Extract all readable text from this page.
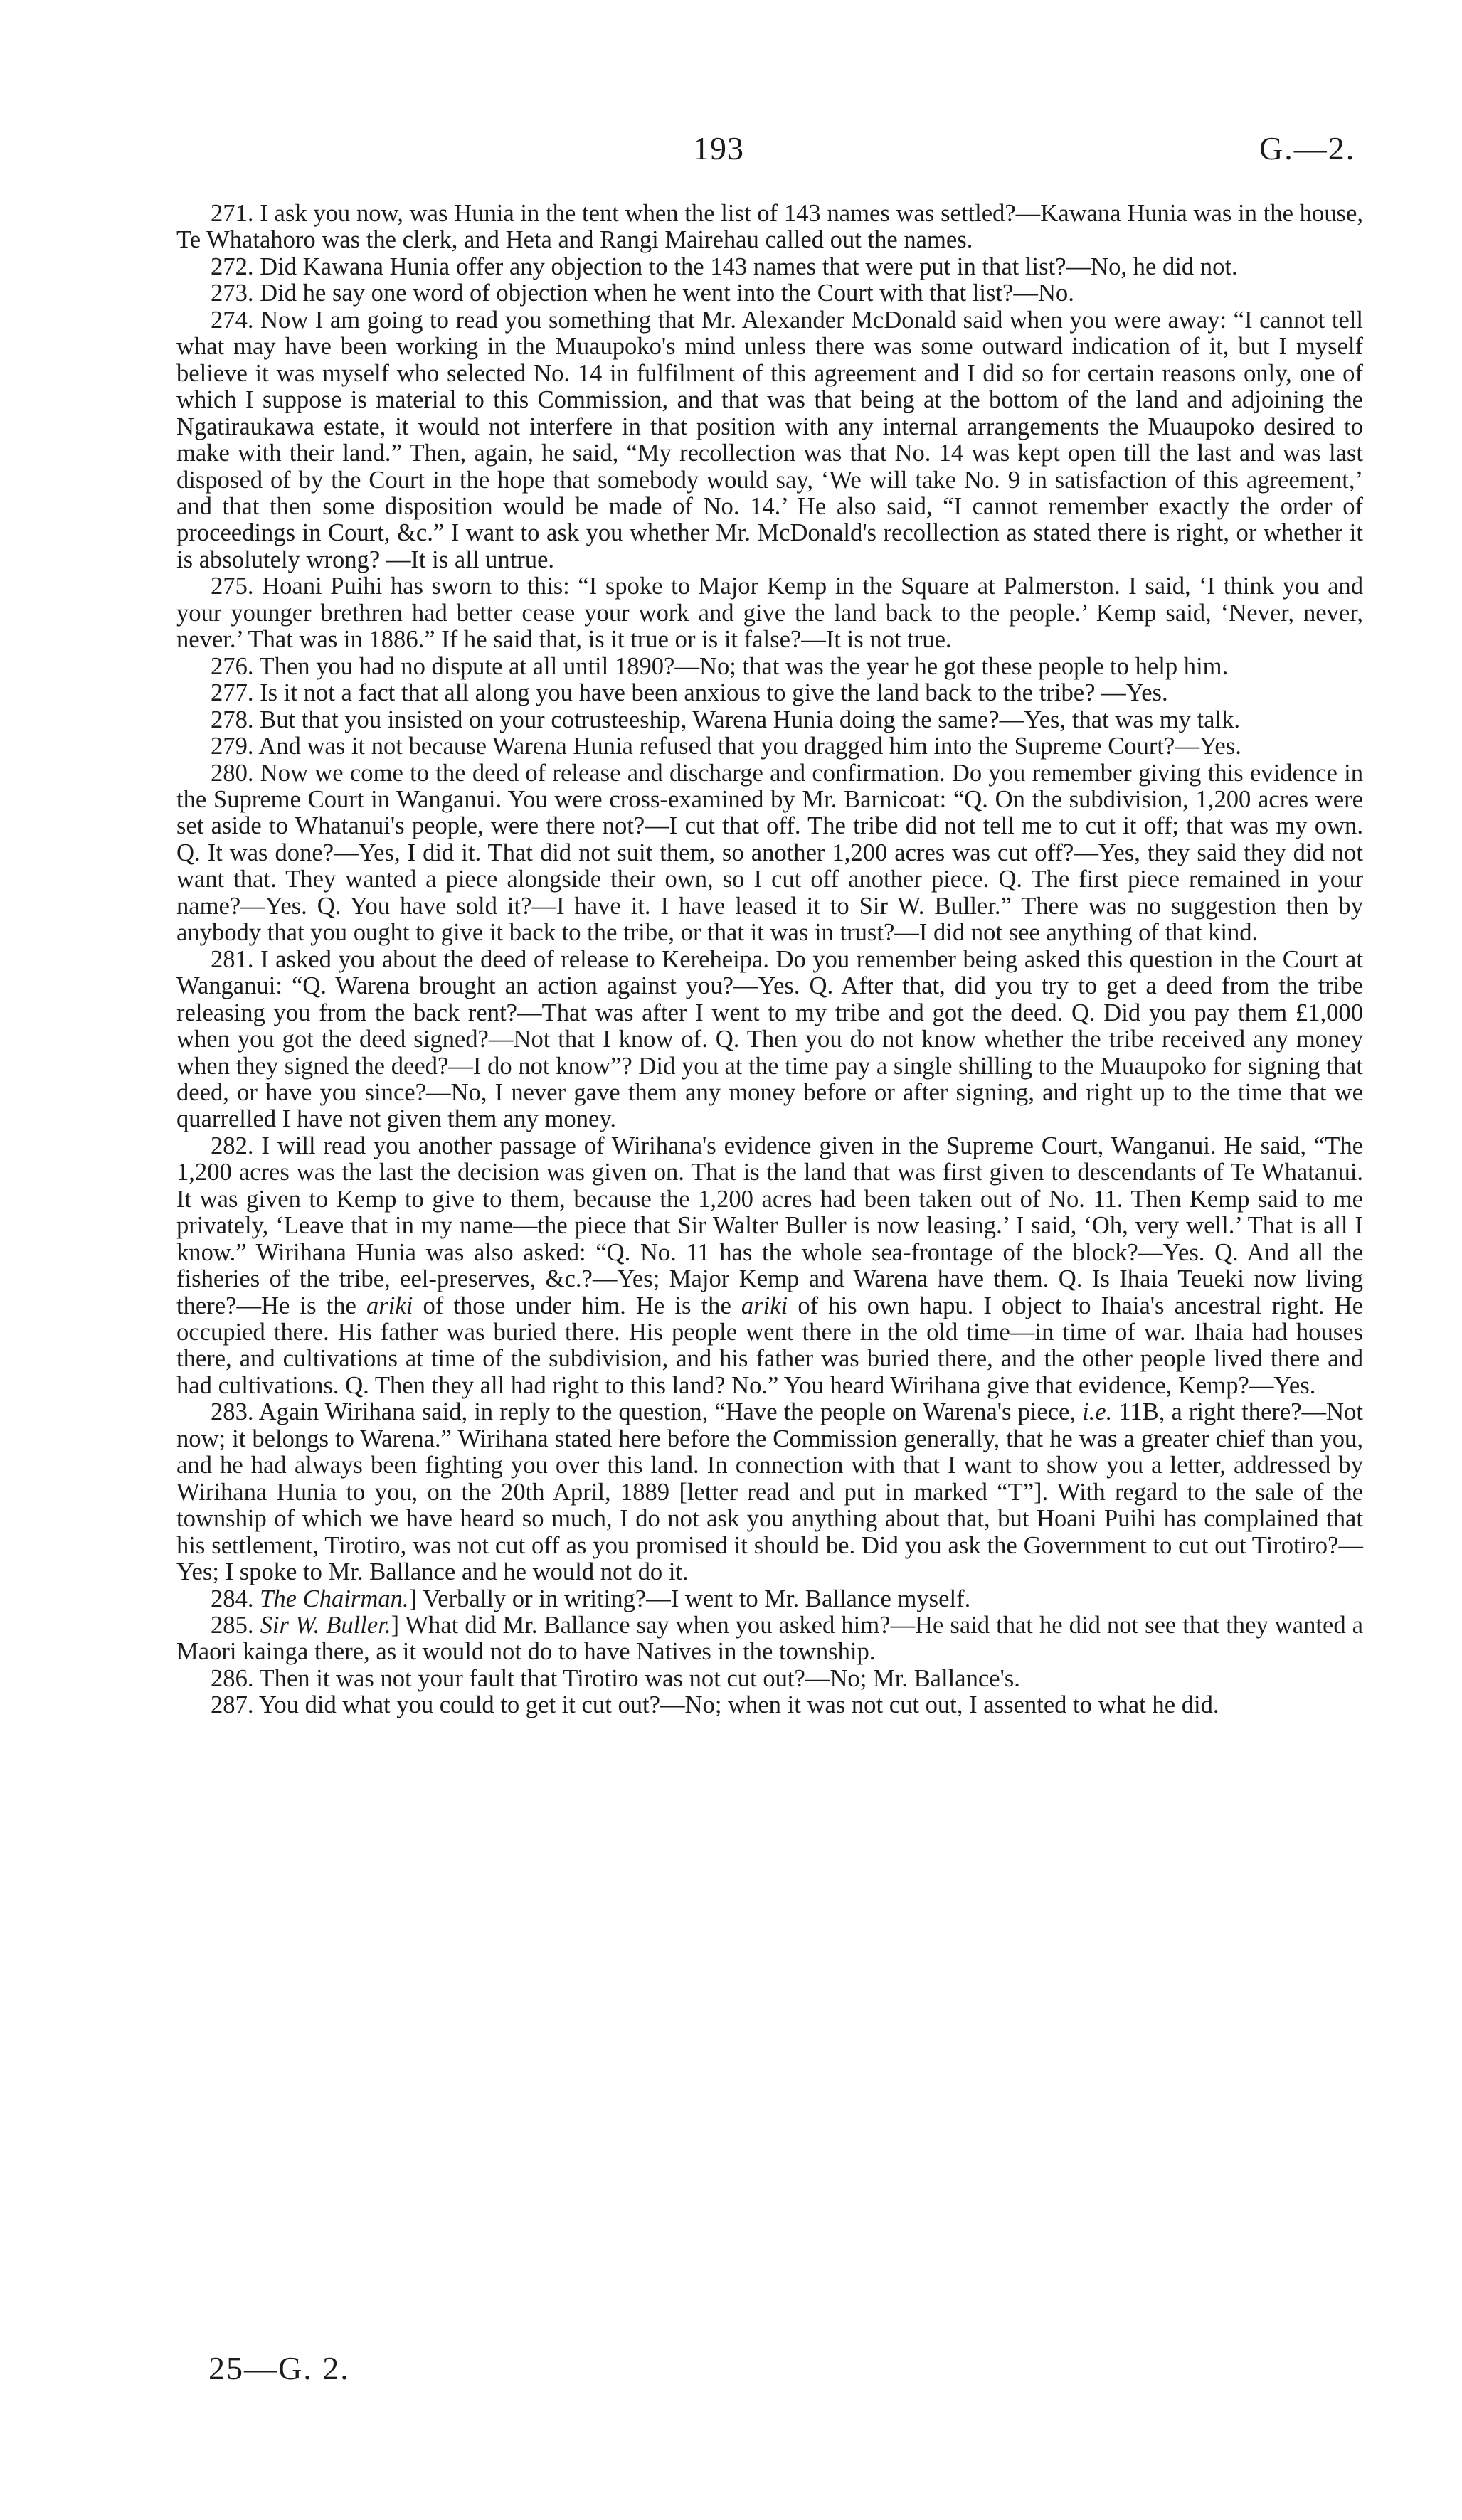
193	G.—2.

271. I ask you now, was Hunia in the tent when the list of 143 names was settled?—Kawana Hunia was in the house, Te Whatahoro was the clerk, and Heta and Rangi Mairehau called out the names.

272. Did Kawana Hunia offer any objection to the 143 names that were put in that list?—No, he did not.

273. Did he say one word of objection when he went into the Court with that list?—No.

274. Now I am going to read you something that Mr. Alexander McDonald said when you were away: “I cannot tell what may have been working in the Muaupoko's mind unless there was some outward indication of it, but I myself believe it was myself who selected No. 14 in fulfilment of this agreement and I did so for certain reasons only, one of which I suppose is material to this Commission, and that was that being at the bottom of the land and adjoining the Ngatiraukawa estate, it would not interfere in that position with any internal arrangements the Muaupoko desired to make with their land.” Then, again, he said, “My recollection was that No. 14 was kept open till the last and was last disposed of by the Court in the hope that somebody would say, ‘We will take No. 9 in satisfaction of this agreement,’ and that then some disposition would be made of No. 14.’ He also said, “I cannot remember exactly the order of proceedings in Court, &c.” I want to ask you whether Mr. McDonald's recollection as stated there is right, or whether it is absolutely wrong? —It is all untrue.

275. Hoani Puihi has sworn to this: “I spoke to Major Kemp in the Square at Palmerston. I said, ‘I think you and your younger brethren had better cease your work and give the land back to the people.’ Kemp said, ‘Never, never, never.’ That was in 1886.” If he said that, is it true or is it false?—It is not true.

276. Then you had no dispute at all until 1890?—No; that was the year he got these people to help him.

277. Is it not a fact that all along you have been anxious to give the land back to the tribe? —Yes.

278. But that you insisted on your cotrusteeship, Warena Hunia doing the same?—Yes, that was my talk.

279. And was it not because Warena Hunia refused that you dragged him into the Supreme Court?—Yes.

280. Now we come to the deed of release and discharge and confirmation. Do you remember giving this evidence in the Supreme Court in Wanganui. You were cross-examined by Mr. Barnicoat: “Q. On the subdivision, 1,200 acres were set aside to Whatanui's people, were there not?—I cut that off. The tribe did not tell me to cut it off; that was my own. Q. It was done?—Yes, I did it. That did not suit them, so another 1,200 acres was cut off?—Yes, they said they did not want that. They wanted a piece alongside their own, so I cut off another piece. Q. The first piece remained in your name?—Yes. Q. You have sold it?—I have it. I have leased it to Sir W. Buller.” There was no suggestion then by anybody that you ought to give it back to the tribe, or that it was in trust?—I did not see anything of that kind.

281. I asked you about the deed of release to Kereheipa. Do you remember being asked this question in the Court at Wanganui: “Q. Warena brought an action against you?—Yes. Q. After that, did you try to get a deed from the tribe releasing you from the back rent?—That was after I went to my tribe and got the deed. Q. Did you pay them £1,000 when you got the deed signed?—Not that I know of. Q. Then you do not know whether the tribe received any money when they signed the deed?—I do not know”? Did you at the time pay a single shilling to the Muaupoko for signing that deed, or have you since?—No, I never gave them any money before or after signing, and right up to the time that we quarrelled I have not given them any money.

282. I will read you another passage of Wirihana's evidence given in the Supreme Court, Wanganui. He said, “The 1,200 acres was the last the decision was given on. That is the land that was first given to descendants of Te Whatanui. It was given to Kemp to give to them, because the 1,200 acres had been taken out of No. 11. Then Kemp said to me privately, ‘Leave that in my name—the piece that Sir Walter Buller is now leasing.’ I said, ‘Oh, very well.’ That is all I know.” Wirihana Hunia was also asked: “Q. No. 11 has the whole sea-frontage of the block?—Yes. Q. And all the fisheries of the tribe, eel-preserves, &c.?—Yes; Major Kemp and Warena have them. Q. Is Ihaia Teueki now living there?—He is the ariki of those under him. He is the ariki of his own hapu. I object to Ihaia's ancestral right. He occupied there. His father was buried there. His people went there in the old time—in time of war. Ihaia had houses there, and cultivations at time of the subdivision, and his father was buried there, and the other people lived there and had cultivations. Q. Then they all had right to this land? No.” You heard Wirihana give that evidence, Kemp?—Yes.

283. Again Wirihana said, in reply to the question, “Have the people on Warena's piece, i.e. 11B, a right there?—Not now; it belongs to Warena.” Wirihana stated here before the Commission generally, that he was a greater chief than you, and he had always been fighting you over this land. In connection with that I want to show you a letter, addressed by Wirihana Hunia to you, on the 20th April, 1889 [letter read and put in marked “T”]. With regard to the sale of the township of which we have heard so much, I do not ask you anything about that, but Hoani Puihi has complained that his settlement, Tirotiro, was not cut off as you promised it should be. Did you ask the Government to cut out Tirotiro?—Yes; I spoke to Mr. Ballance and he would not do it.

284. The Chairman.] Verbally or in writing?—I went to Mr. Ballance myself.

285. Sir W. Buller.] What did Mr. Ballance say when you asked him?—He said that he did not see that they wanted a Maori kainga there, as it would not do to have Natives in the township.

286. Then it was not your fault that Tirotiro was not cut out?—No; Mr. Ballance's.

287. You did what you could to get it cut out?—No; when it was not cut out, I assented to what he did.

25—G. 2.
